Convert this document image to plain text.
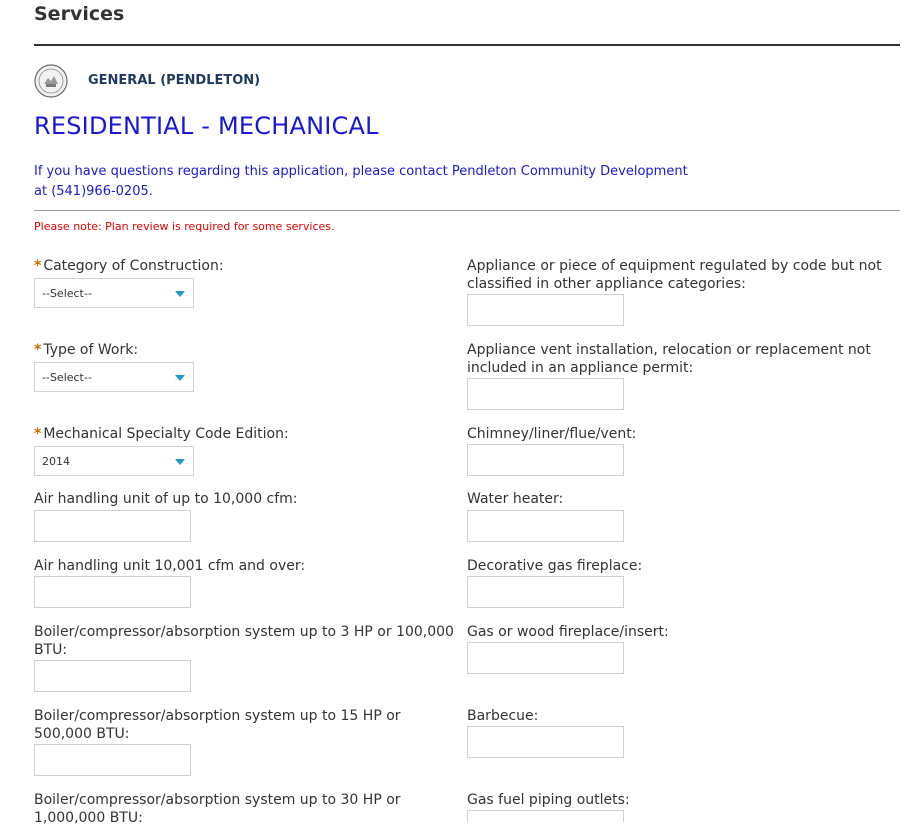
Services
GENERAL (PENDLETON)
RESIDENTIAL - MECHANICAL
If you have questions regarding this application, please contact Pendleton Community Development at (541)966-0205.
Please note: Plan review is required for some services.
* Category of Construction:
--Select--
* Type of Work:
--Select--
* Mechanical Specialty Code Edition:
2014
Air handling unit of up to 10,000 cfm:
Air handling unit 10,001 cfm and over:
Boiler/compressor/absorption system up to 3 HP or 100,000 BTU:
Boiler/compressor/absorption system up to 15 HP or 500,000 BTU:
Boiler/compressor/absorption system up to 30 HP or 1,000,000 BTU:
Appliance or piece of equipment regulated by code but not classified in other appliance categories:
Appliance vent installation, relocation or replacement not included in an appliance permit:
Chimney/liner/flue/vent:
Water heater:
Decorative gas fireplace:
Gas or wood fireplace/insert:
Barbecue:
Gas fuel piping outlets:
